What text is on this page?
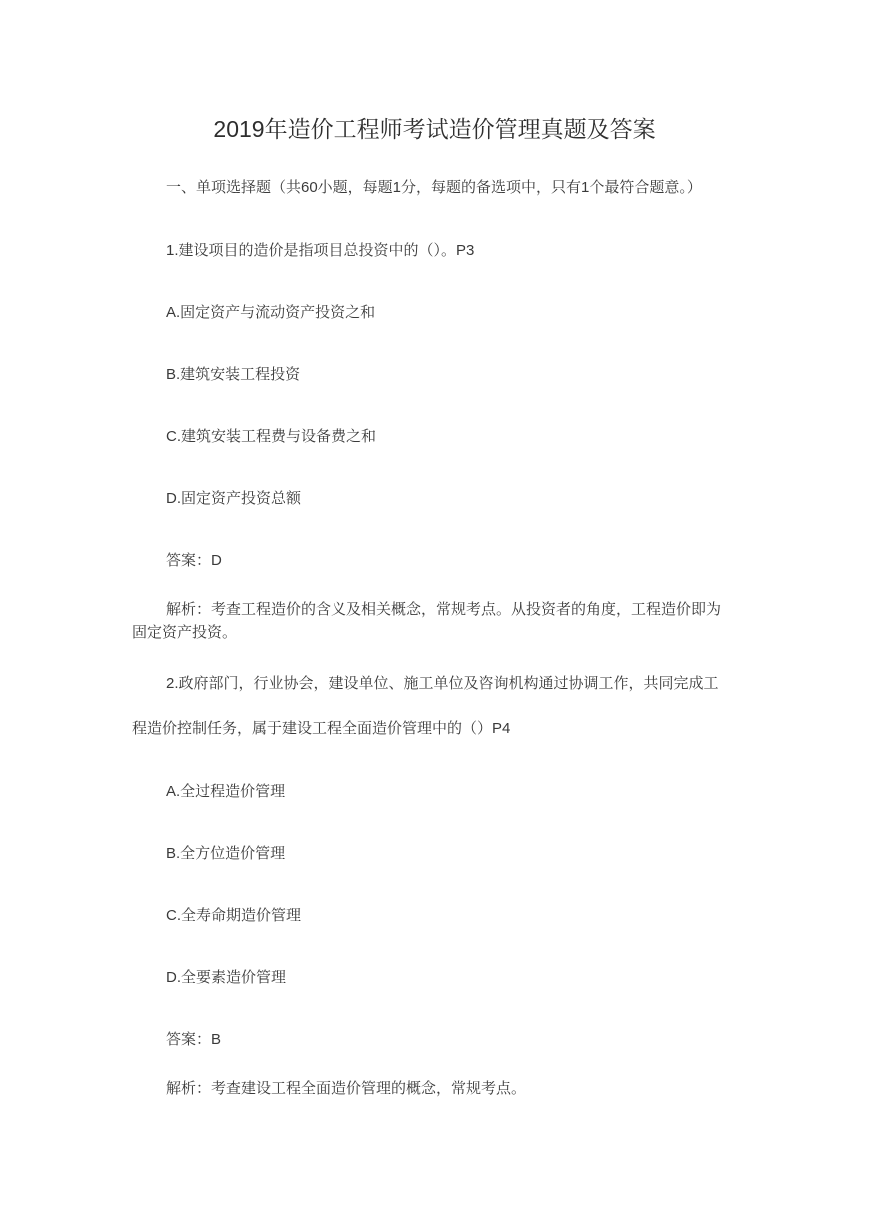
2019年造价工程师考试造价管理真题及答案
一、单项选择题（共60小题，每题1分，每题的备选项中，只有1个最符合题意。）
1.建设项目的造价是指项目总投资中的（）。P3
A.固定资产与流动资产投资之和
B.建筑安装工程投资
C.建筑安装工程费与设备费之和
D.固定资产投资总额
答案：D
解析：考查工程造价的含义及相关概念，常规考点。从投资者的角度，工程造价即为
固定资产投资。
2.政府部门，行业协会，建设单位、施工单位及咨询机构通过协调工作，共同完成工
程造价控制任务，属于建设工程全面造价管理中的（）P4
A.全过程造价管理
B.全方位造价管理
C.全寿命期造价管理
D.全要素造价管理
答案：B
解析：考查建设工程全面造价管理的概念，常规考点。
